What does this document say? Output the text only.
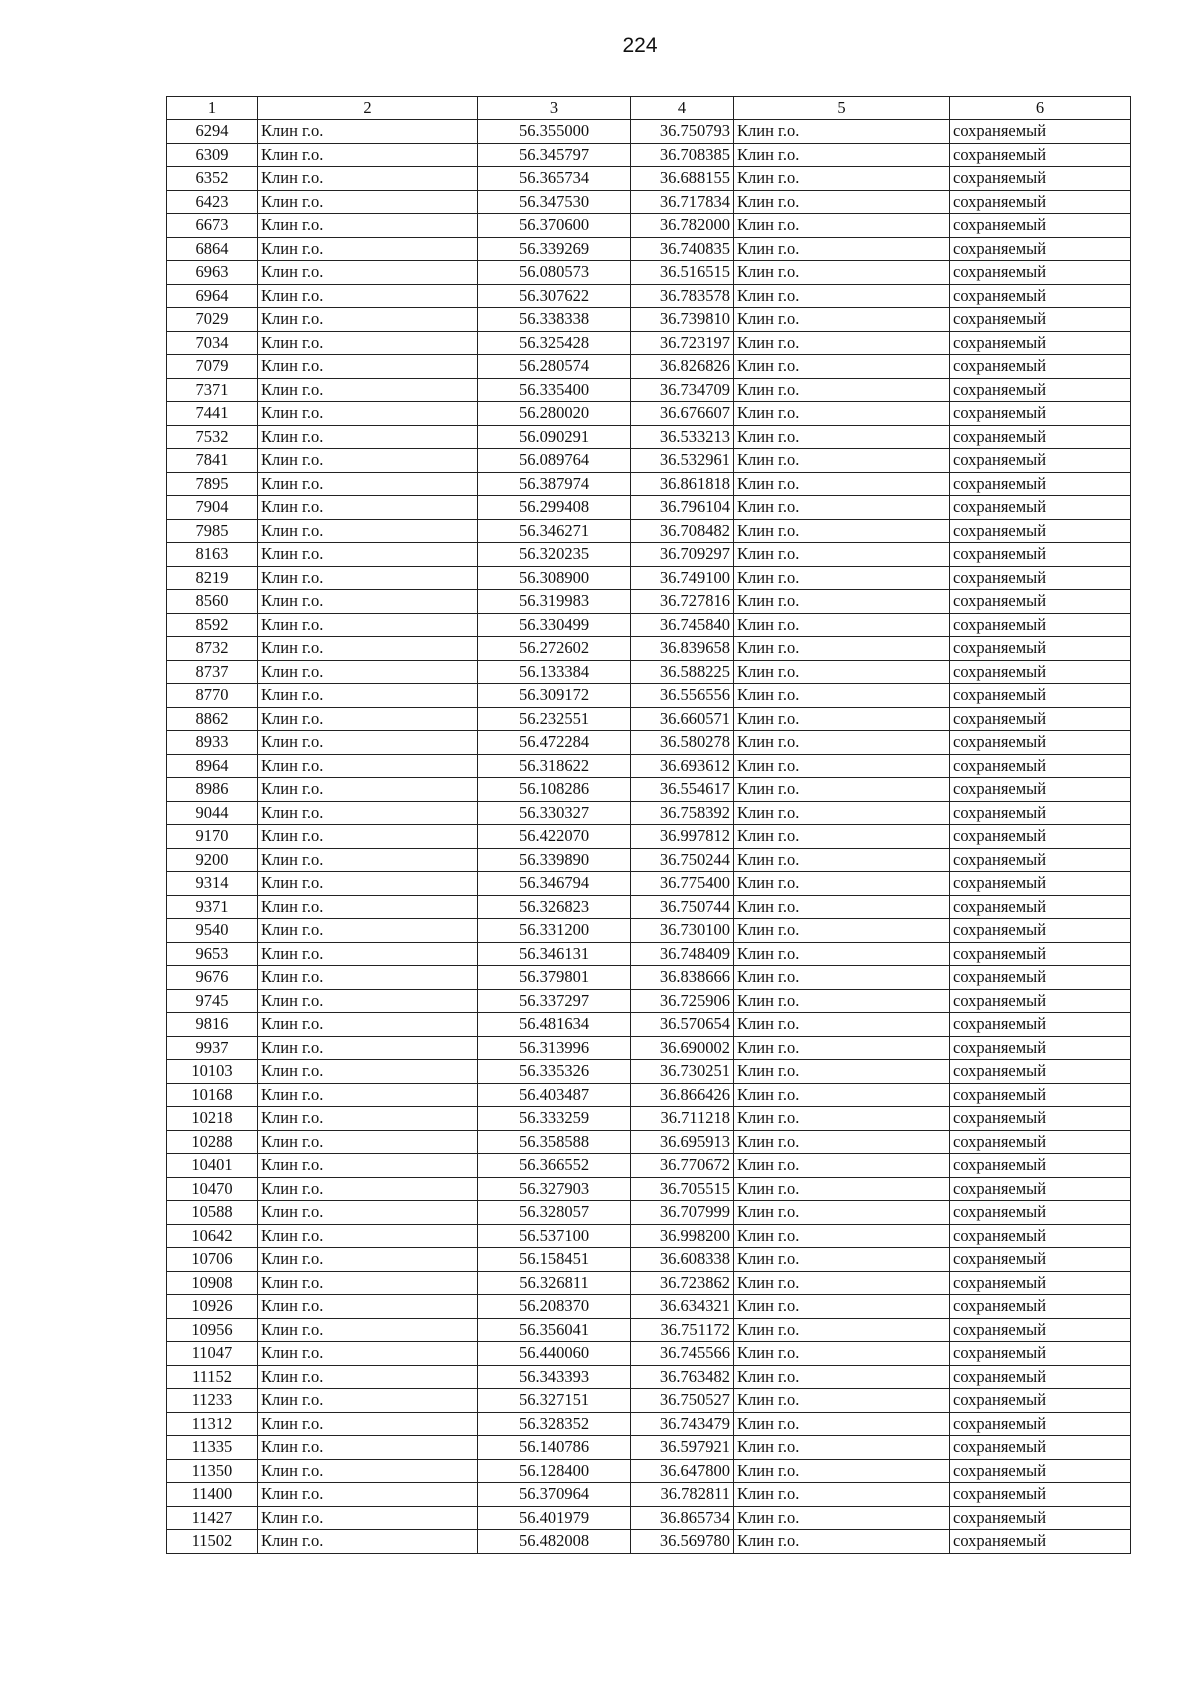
224
1	2	3	4	5	6
6294	Клин г.о.	56.355000	36.750793	Клин г.о.	сохраняемый
6309	Клин г.о.	56.345797	36.708385	Клин г.о.	сохраняемый
6352	Клин г.о.	56.365734	36.688155	Клин г.о.	сохраняемый
6423	Клин г.о.	56.347530	36.717834	Клин г.о.	сохраняемый
6673	Клин г.о.	56.370600	36.782000	Клин г.о.	сохраняемый
6864	Клин г.о.	56.339269	36.740835	Клин г.о.	сохраняемый
6963	Клин г.о.	56.080573	36.516515	Клин г.о.	сохраняемый
6964	Клин г.о.	56.307622	36.783578	Клин г.о.	сохраняемый
7029	Клин г.о.	56.338338	36.739810	Клин г.о.	сохраняемый
7034	Клин г.о.	56.325428	36.723197	Клин г.о.	сохраняемый
7079	Клин г.о.	56.280574	36.826826	Клин г.о.	сохраняемый
7371	Клин г.о.	56.335400	36.734709	Клин г.о.	сохраняемый
7441	Клин г.о.	56.280020	36.676607	Клин г.о.	сохраняемый
7532	Клин г.о.	56.090291	36.533213	Клин г.о.	сохраняемый
7841	Клин г.о.	56.089764	36.532961	Клин г.о.	сохраняемый
7895	Клин г.о.	56.387974	36.861818	Клин г.о.	сохраняемый
7904	Клин г.о.	56.299408	36.796104	Клин г.о.	сохраняемый
7985	Клин г.о.	56.346271	36.708482	Клин г.о.	сохраняемый
8163	Клин г.о.	56.320235	36.709297	Клин г.о.	сохраняемый
8219	Клин г.о.	56.308900	36.749100	Клин г.о.	сохраняемый
8560	Клин г.о.	56.319983	36.727816	Клин г.о.	сохраняемый
8592	Клин г.о.	56.330499	36.745840	Клин г.о.	сохраняемый
8732	Клин г.о.	56.272602	36.839658	Клин г.о.	сохраняемый
8737	Клин г.о.	56.133384	36.588225	Клин г.о.	сохраняемый
8770	Клин г.о.	56.309172	36.556556	Клин г.о.	сохраняемый
8862	Клин г.о.	56.232551	36.660571	Клин г.о.	сохраняемый
8933	Клин г.о.	56.472284	36.580278	Клин г.о.	сохраняемый
8964	Клин г.о.	56.318622	36.693612	Клин г.о.	сохраняемый
8986	Клин г.о.	56.108286	36.554617	Клин г.о.	сохраняемый
9044	Клин г.о.	56.330327	36.758392	Клин г.о.	сохраняемый
9170	Клин г.о.	56.422070	36.997812	Клин г.о.	сохраняемый
9200	Клин г.о.	56.339890	36.750244	Клин г.о.	сохраняемый
9314	Клин г.о.	56.346794	36.775400	Клин г.о.	сохраняемый
9371	Клин г.о.	56.326823	36.750744	Клин г.о.	сохраняемый
9540	Клин г.о.	56.331200	36.730100	Клин г.о.	сохраняемый
9653	Клин г.о.	56.346131	36.748409	Клин г.о.	сохраняемый
9676	Клин г.о.	56.379801	36.838666	Клин г.о.	сохраняемый
9745	Клин г.о.	56.337297	36.725906	Клин г.о.	сохраняемый
9816	Клин г.о.	56.481634	36.570654	Клин г.о.	сохраняемый
9937	Клин г.о.	56.313996	36.690002	Клин г.о.	сохраняемый
10103	Клин г.о.	56.335326	36.730251	Клин г.о.	сохраняемый
10168	Клин г.о.	56.403487	36.866426	Клин г.о.	сохраняемый
10218	Клин г.о.	56.333259	36.711218	Клин г.о.	сохраняемый
10288	Клин г.о.	56.358588	36.695913	Клин г.о.	сохраняемый
10401	Клин г.о.	56.366552	36.770672	Клин г.о.	сохраняемый
10470	Клин г.о.	56.327903	36.705515	Клин г.о.	сохраняемый
10588	Клин г.о.	56.328057	36.707999	Клин г.о.	сохраняемый
10642	Клин г.о.	56.537100	36.998200	Клин г.о.	сохраняемый
10706	Клин г.о.	56.158451	36.608338	Клин г.о.	сохраняемый
10908	Клин г.о.	56.326811	36.723862	Клин г.о.	сохраняемый
10926	Клин г.о.	56.208370	36.634321	Клин г.о.	сохраняемый
10956	Клин г.о.	56.356041	36.751172	Клин г.о.	сохраняемый
11047	Клин г.о.	56.440060	36.745566	Клин г.о.	сохраняемый
11152	Клин г.о.	56.343393	36.763482	Клин г.о.	сохраняемый
11233	Клин г.о.	56.327151	36.750527	Клин г.о.	сохраняемый
11312	Клин г.о.	56.328352	36.743479	Клин г.о.	сохраняемый
11335	Клин г.о.	56.140786	36.597921	Клин г.о.	сохраняемый
11350	Клин г.о.	56.128400	36.647800	Клин г.о.	сохраняемый
11400	Клин г.о.	56.370964	36.782811	Клин г.о.	сохраняемый
11427	Клин г.о.	56.401979	36.865734	Клин г.о.	сохраняемый
11502	Клин г.о.	56.482008	36.569780	Клин г.о.	сохраняемый
